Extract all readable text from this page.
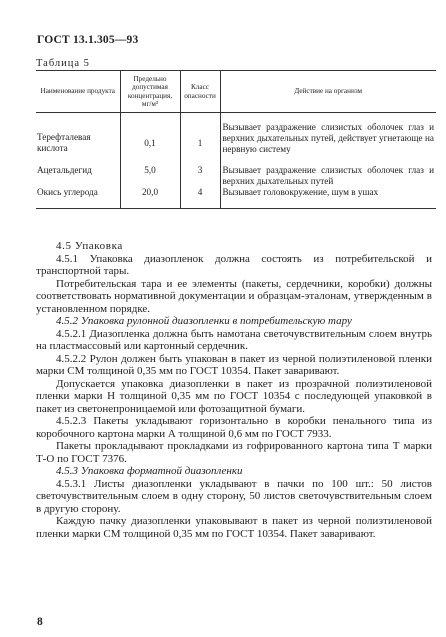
ГОСТ 13.1.305—93
Таблица 5
Наименование продукта	Предельно допустимая концентрация, мг/м³	Класс опасности	Действие на организм

Терефталевая кислота	0,1	1	Вызывает раздражение слизистых оболочек глаз и верхних дыхательных путей, действует угнетающе на нервную систему
Ацетальдегид	5,0	3	Вызывает раздражение слизистых оболочек глаз и верхних дыхательных путей
Окись углерода	20,0	4	Вызывает головокружение, шум в ушах

4.5 Упаковка

4.5.1 Упаковка диазопленок должна состоять из потребительской и транспортной тары.

Потребительская тара и ее элементы (пакеты, сердечники, коробки) должны соответствовать нормативной документации и образцам-эталонам, утвержденным в установленном порядке.

4.5.2 Упаковка рулонной диазопленки в потребительскую тару

4.5.2.1 Диазопленка должна быть намотана светочувствительным слоем внутрь на пластмассовый или картонный сердечник.

4.5.2.2 Рулон должен быть упакован в пакет из черной полиэтиленовой пленки марки СМ толщиной 0,35 мм по ГОСТ 10354. Пакет заваривают.

Допускается упаковка диазопленки в пакет из прозрачной полиэтиленовой пленки марки Н толщиной 0,35 мм по ГОСТ 10354 с последующей упаковкой в пакет из светонепроницаемой или фотозащитной бумаги.

4.5.2.3 Пакеты укладывают горизонтально в коробки пенального типа из коробочного картона марки А толщиной 0,6 мм по ГОСТ 7933.

Пакеты прокладывают прокладками из гофрированного картона типа Т марки Т-О по ГОСТ 7376.

4.5.3 Упаковка форматной диазопленки

4.5.3.1 Листы диазопленки укладывают в пачки по 100 шт.: 50 листов светочувствительным слоем в одну сторону, 50 листов светочувствительным слоем в другую сторону.

Каждую пачку диазопленки упаковывают в пакет из черной полиэтиленовой пленки марки СМ толщиной 0,35 мм по ГОСТ 10354. Пакет заваривают.

8
